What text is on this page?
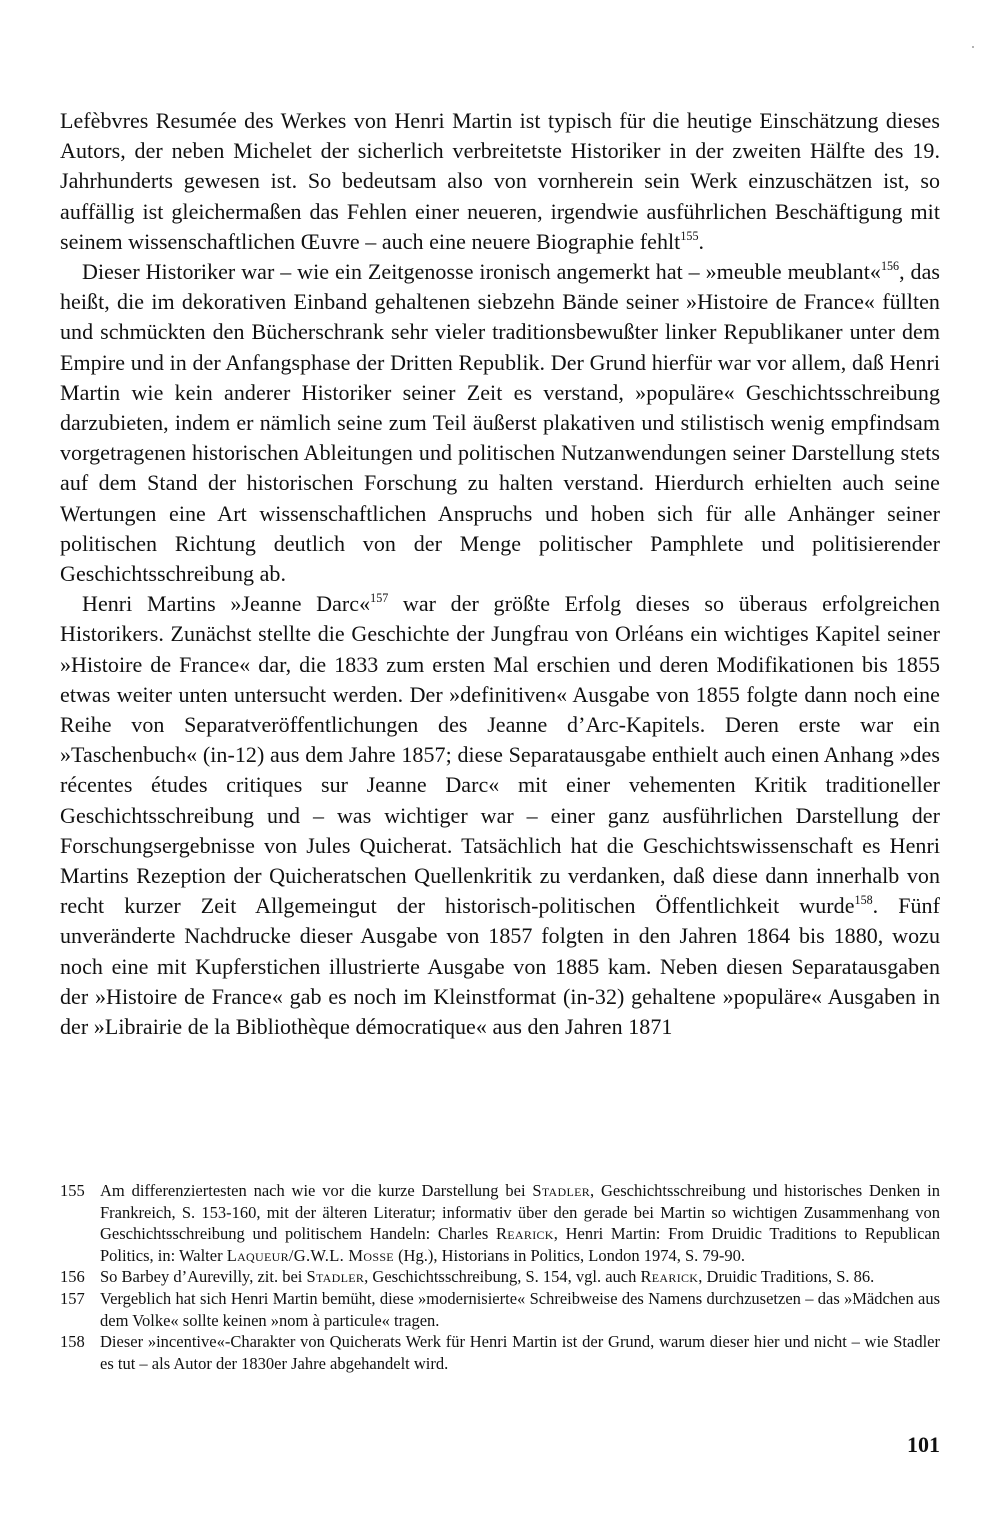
Lefèbvres Resumée des Werkes von Henri Martin ist typisch für die heutige Einschätzung dieses Autors, der neben Michelet der sicherlich verbreitetste Historiker in der zweiten Hälfte des 19. Jahrhunderts gewesen ist. So bedeutsam also von vornherein sein Werk einzuschätzen ist, so auffällig ist gleichermaßen das Fehlen einer neueren, irgendwie ausführlichen Beschäftigung mit seinem wissenschaftlichen Œuvre – auch eine neuere Biographie fehlt$^{155}$.

Dieser Historiker war – wie ein Zeitgenosse ironisch angemerkt hat – »meuble meublant«$^{156}$, das heißt, die im dekorativen Einband gehaltenen siebzehn Bände seiner »Histoire de France« füllten und schmückten den Bücherschrank sehr vieler traditionsbewußter linker Republikaner unter dem Empire und in der Anfangsphase der Dritten Republik. Der Grund hierfür war vor allem, daß Henri Martin wie kein anderer Historiker seiner Zeit es verstand, »populäre« Geschichtsschreibung darzubieten, indem er nämlich seine zum Teil äußerst plakativen und stilistisch wenig empfindsam vorgetragenen historischen Ableitungen und politischen Nutzanwendungen seiner Darstellung stets auf dem Stand der historischen Forschung zu halten verstand. Hierdurch erhielten auch seine Wertungen eine Art wissenschaftlichen Anspruchs und hoben sich für alle Anhänger seiner politischen Richtung deutlich von der Menge politischer Pamphlete und politisierender Geschichtsschreibung ab.

Henri Martins »Jeanne Darc«$^{157}$ war der größte Erfolg dieses so überaus erfolgreichen Historikers. Zunächst stellte die Geschichte der Jungfrau von Orléans ein wichtiges Kapitel seiner »Histoire de France« dar, die 1833 zum ersten Mal erschien und deren Modifikationen bis 1855 etwas weiter unten untersucht werden. Der »definitiven« Ausgabe von 1855 folgte dann noch eine Reihe von Separatveröffentlichungen des Jeanne d’Arc-Kapitels. Deren erste war ein »Taschenbuch« (in-12) aus dem Jahre 1857; diese Separatausgabe enthielt auch einen Anhang »des récentes études critiques sur Jeanne Darc« mit einer vehementen Kritik traditioneller Geschichtsschreibung und – was wichtiger war – einer ganz ausführlichen Darstellung der Forschungsergebnisse von Jules Quicherat. Tatsächlich hat die Geschichtswissenschaft es Henri Martins Rezeption der Quicheratschen Quellenkritik zu verdanken, daß diese dann innerhalb von recht kurzer Zeit Allgemeingut der historisch-politischen Öffentlichkeit wurde$^{158}$. Fünf unveränderte Nachdrucke dieser Ausgabe von 1857 folgten in den Jahren 1864 bis 1880, wozu noch eine mit Kupferstichen illustrierte Ausgabe von 1885 kam. Neben diesen Separatausgaben der »Histoire de France« gab es noch im Kleinstformat (in-32) gehaltene »populäre« Ausgaben in der »Librairie de la Bibliothèque démocratique« aus den Jahren 1871

155 Am differenziertesten nach wie vor die kurze Darstellung bei Stadler, Geschichtsschreibung und historisches Denken in Frankreich, S. 153-160, mit der älteren Literatur; informativ über den gerade bei Martin so wichtigen Zusammenhang von Geschichtsschreibung und politischem Handeln: Charles Rearick, Henri Martin: From Druidic Traditions to Republican Politics, in: Walter Laqueur/G.W.L. Mosse (Hg.), Historians in Politics, London 1974, S. 79-90.
156 So Barbey d’Aurevilly, zit. bei Stadler, Geschichtsschreibung, S. 154, vgl. auch Rearick, Druidic Traditions, S. 86.
157 Vergeblich hat sich Henri Martin bemüht, diese »modernisierte« Schreibweise des Namens durchzusetzen – das »Mädchen aus dem Volke« sollte keinen »nom à particule« tragen.
158 Dieser »incentive«-Charakter von Quicherats Werk für Henri Martin ist der Grund, warum dieser hier und nicht – wie Stadler es tut – als Autor der 1830er Jahre abgehandelt wird.
101
